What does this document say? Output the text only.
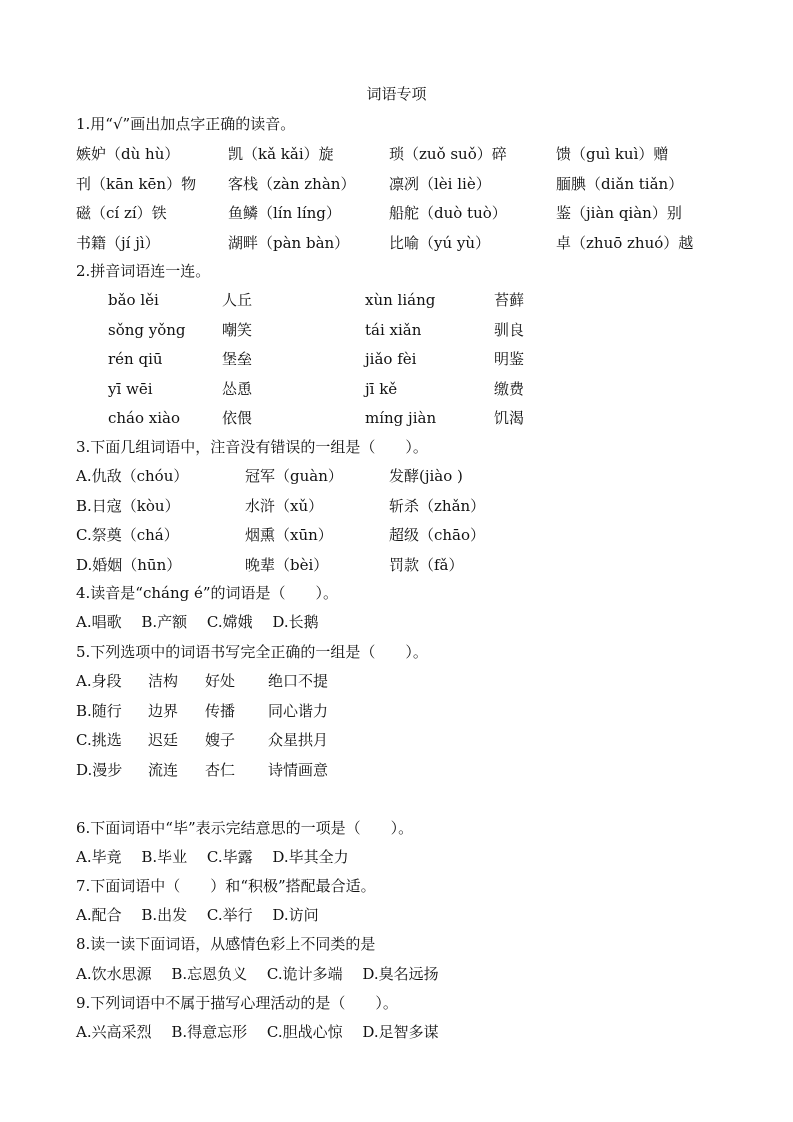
词语专项
1.用“√”画出加点字正确的读音。
嫉妒（dù hù）	凯（kǎ kǎi）旋	琐（zuǒ suǒ）碎	馈（guì kuì）赠
刊（kān kēn）物 客栈（zàn zhàn） 凛冽（lèi liè）	腼腆（diǎn tiǎn）
磁（cí zí）铁	鱼鳞（lín líng）	船舵（duò tuò）	鉴（jiàn qiàn）别
书籍（jí jì）	湖畔（pàn bàn）	比喻（yú yù）	卓（zhuō zhuó）越
2.拼音词语连一连。
bǎo lěi	人丘	xùn liáng	苔藓
sǒng yǒng 嘲笑	tái xiǎn	驯良
rén qiū	堡垒	jiǎo fèi	明鉴
yī wēi	怂恿	jī kě	缴费
cháo xiào	依偎	míng jiàn	饥渴
3.下面几组词语中，注音没有错误的一组是（　　）。
A.仇敌（chóu）	冠军（guàn）	发酵(jiào )
B.日寇（kòu）	水浒（xǔ）	斩杀（zhǎn）
C.祭奠（chá）	烟熏（xūn）	超级（chāo）
D.婚姻（hūn）	晚辈（bèi）	罚款（fǎ）
4.读音是“cháng é”的词语是（　　）。
A.唱歌　 B.产额　 C.嫦娥　 D.长鹅
5.下列选项中的词语书写完全正确的一组是（　　）。
A.身段 洁构 好处 绝口不提
B.随行 边界 传播 同心谐力
C.挑选 迟廷 嫂子 众星拱月
D.漫步 流连 杏仁 诗情画意
6.下面词语中“毕”表示完结意思的一项是（　　）。
A.毕竟　 B.毕业　 C.毕露　 D.毕其全力
7.下面词语中（　　）和“积极”搭配最合适。
A.配合　 B.出发　 C.举行　 D.访问
8.读一读下面词语，从感情色彩上不同类的是
A.饮水思源　 B.忘恩负义　 C.诡计多端　 D.臭名远扬
9.下列词语中不属于描写心理活动的是（　　）。
A.兴高采烈　 B.得意忘形　 C.胆战心惊　 D.足智多谋
